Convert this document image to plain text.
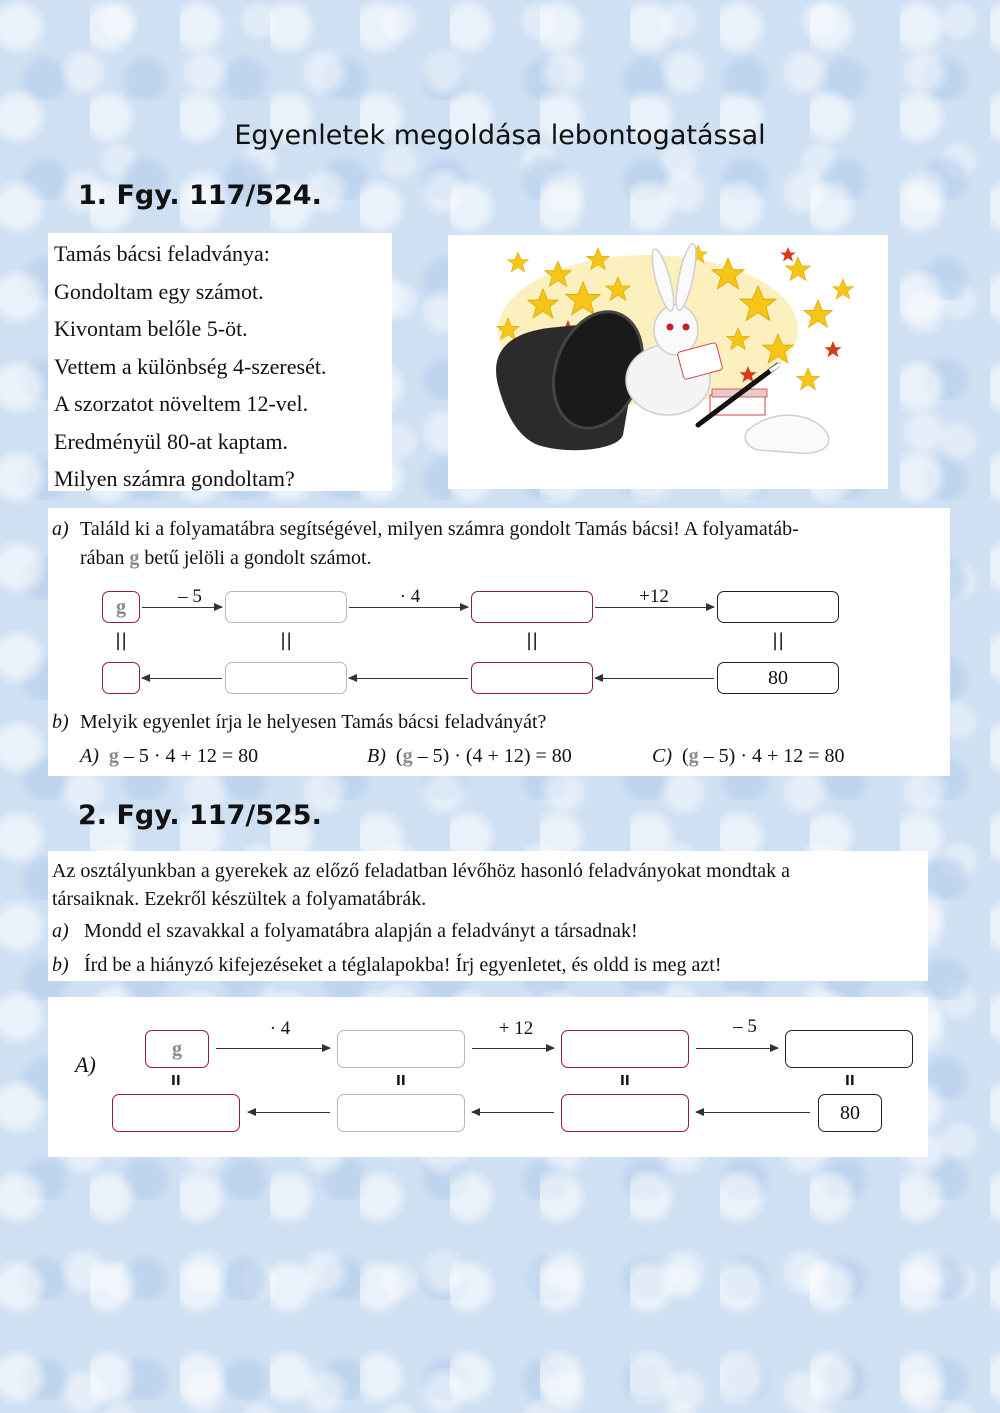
Egyenletek megoldása lebontogatással
1. Fgy. 117/524.

Tamás bácsi feladványa:

Gondoltam egy számot.

Kivontam belőle 5-öt.

Vettem a különbség 4-szeresét.

A szorzatot növeltem 12-vel.

Eredményül 80-at kaptam.

Milyen számra gondoltam?

a) Találd ki a folyamatábra segítségével, milyen számra gondolt Tamás bácsi! A folyamatáb-
rában g betű jelöli a gondolt számot.
g	– 5	· 4	+12
||	||	||	||
80
b) Melyik egyenlet írja le helyesen Tamás bácsi feladványát?
A) g – 5 · 4 + 12 = 80	B) (g – 5) · (4 + 12) = 80	C) (g – 5) · 4 + 12 = 80
2. Fgy. 117/525.
Az osztályunkban a gyerekek az előző feladatban lévőhöz hasonló feladványokat mondtak a
társaiknak. Ezekről készültek a folyamatábrák.
a) Mondd el szavakkal a folyamatábra alapján a feladványt a társadnak!
b) Írd be a hiányzó kifejezéseket a téglalapokba! Írj egyenletet, és oldd is meg azt!
A)
g
· 4	+ 12	– 5
II	II	II	II
80
